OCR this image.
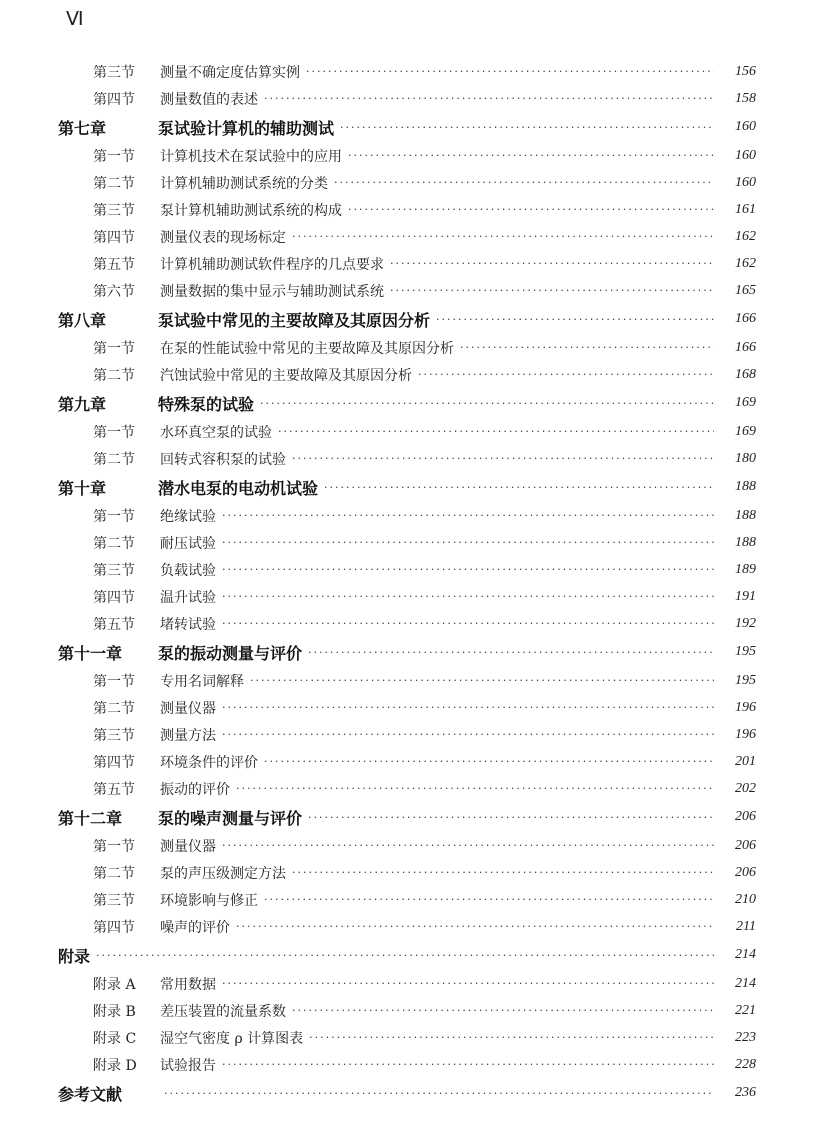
Ⅵ
第三节	测量不确定度估算实例 ·····	156
第四节	测量数值的表述 ·····	158
第七章	泵试验计算机的辅助测试 ·····	160
第一节	计算机技术在泵试验中的应用 ·····	160
第二节	计算机辅助测试系统的分类 ·····	160
第三节	泵计算机辅助测试系统的构成 ·····	161
第四节	测量仪表的现场标定 ·····	162
第五节	计算机辅助测试软件程序的几点要求 ·····	162
第六节	测量数据的集中显示与辅助测试系统 ·····	165
第八章	泵试验中常见的主要故障及其原因分析 ·····	166
第一节	在泵的性能试验中常见的主要故障及其原因分析 ·····	166
第二节	汽蚀试验中常见的主要故障及其原因分析 ·····	168
第九章	特殊泵的试验 ·····	169
第一节	水环真空泵的试验 ·····	169
第二节	回转式容积泵的试验 ·····	180
第十章	潜水电泵的电动机试验 ·····	188
第一节	绝缘试验 ·····	188
第二节	耐压试验 ·····	188
第三节	负载试验 ·····	189
第四节	温升试验 ·····	191
第五节	堵转试验 ·····	192
第十一章	泵的振动测量与评价 ·····	195
第一节	专用名词解释 ·····	195
第二节	测量仪器 ·····	196
第三节	测量方法 ·····	196
第四节	环境条件的评价 ·····	201
第五节	振动的评价 ·····	202
第十二章	泵的噪声测量与评价 ·····	206
第一节	测量仪器 ·····	206
第二节	泵的声压级测定方法 ·····	206
第三节	环境影响与修正 ·····	210
第四节	噪声的评价 ·····	211
附录 ·····	214
附录 A	常用数据 ·····	214
附录 B	差压装置的流量系数 ·····	221
附录 C	湿空气密度 ρ 计算图表 ·····	223
附录 D	试验报告 ·····	228
参考文献 ·····	236
